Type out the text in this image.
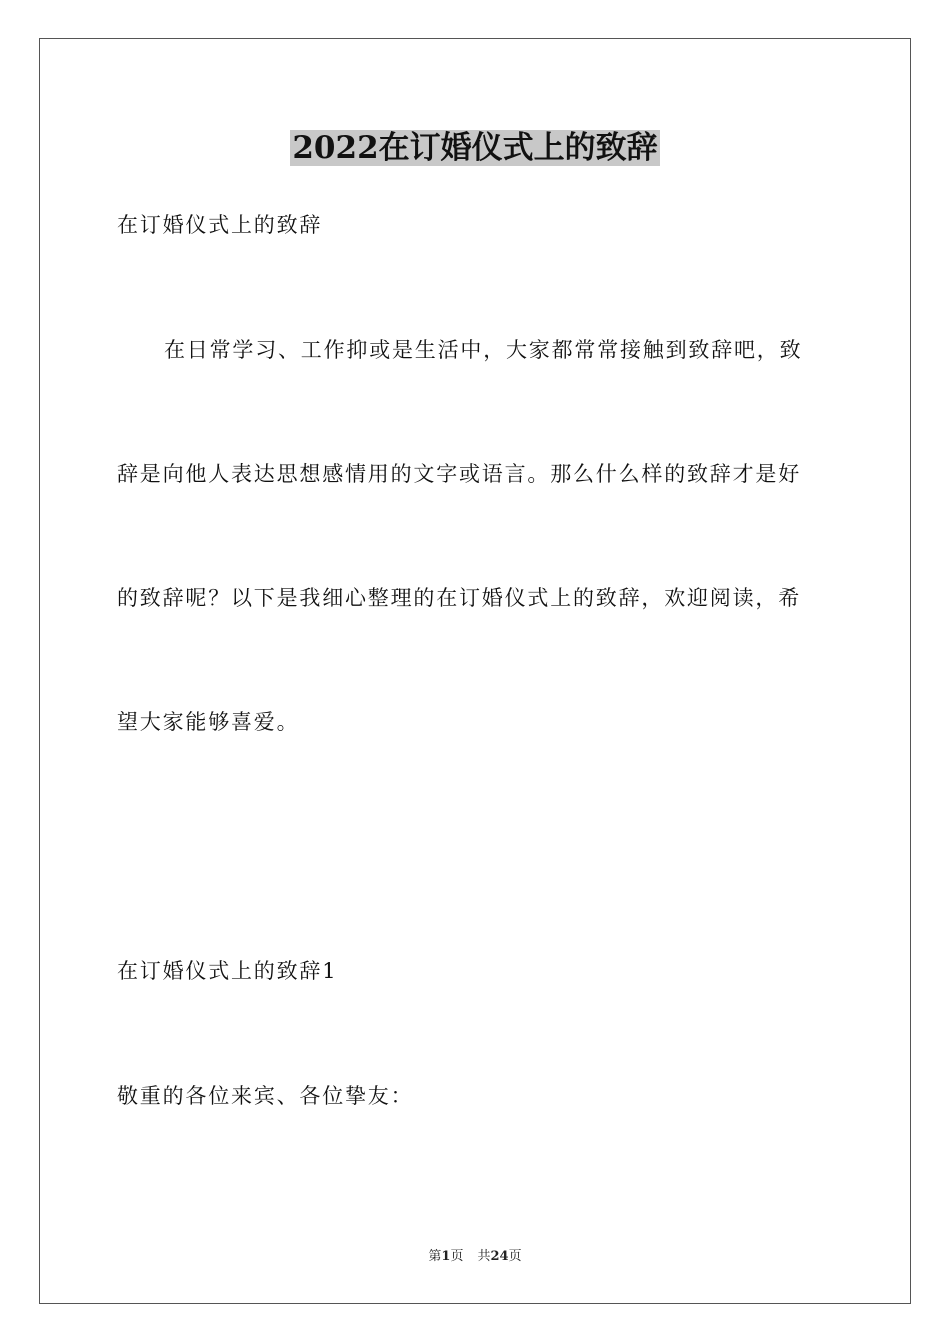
2022在订婚仪式上的致辞
在订婚仪式上的致辞
在日常学习、工作抑或是生活中，大家都常常接触到致辞吧，致
辞是向他人表达思想感情用的文字或语言。那么什么样的致辞才是好
的致辞呢？以下是我细心整理的在订婚仪式上的致辞，欢迎阅读，希
望大家能够喜爱。
在订婚仪式上的致辞1
敬重的各位来宾、各位挚友：
第1页 共24页
